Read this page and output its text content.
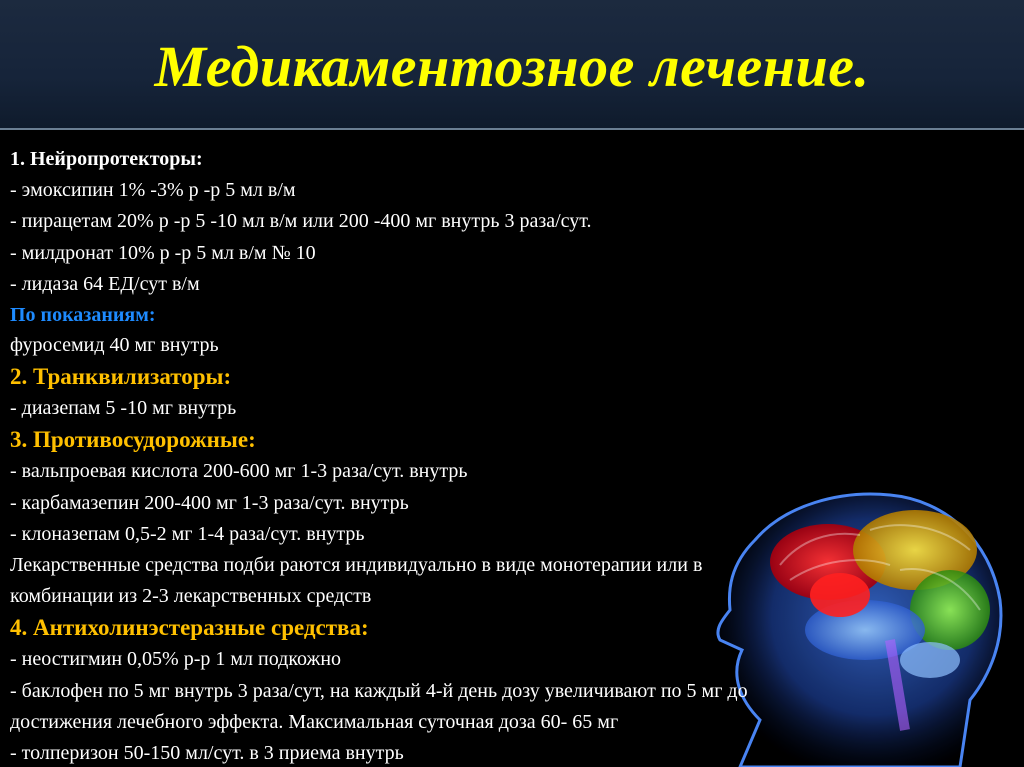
Медикаментозное лечение.
1. Нейропротекторы:
- эмоксипин 1% -3% р -р 5 мл в/м
- пирацетам 20% р -р 5 -10 мл в/м или 200 -400 мг внутрь 3 раза/сут.
- милдронат 10% р -р 5 мл в/м № 10
- лидаза 64 ЕД/сут в/м
По показаниям:
фуросемид 40 мг внутрь
2. Транквилизаторы:
- диазепам 5 -10 мг внутрь
3. Противосудорожные:
- вальпроевая кислота 200-600 мг 1-3 раза/сут. внутрь
- карбамазепин 200-400 мг 1-3 раза/сут. внутрь
- клоназепам 0,5-2 мг 1-4 раза/сут. внутрь
Лекарственные средства подби раются индивидуально в виде монотерапии или в
комбинации из 2-3 лекарственных средств
4. Антихолинэстеразные средства:
- неостигмин 0,05% р-р 1 мл подкожно
- баклофен по 5 мг внутрь 3 раза/сут, на каждый 4-й день дозу увеличивают по 5 мг до
достижения лечебного эффекта. Максимальная суточная доза 60- 65 мг
- толперизон 50-150 мл/сут. в 3 приема внутрь
